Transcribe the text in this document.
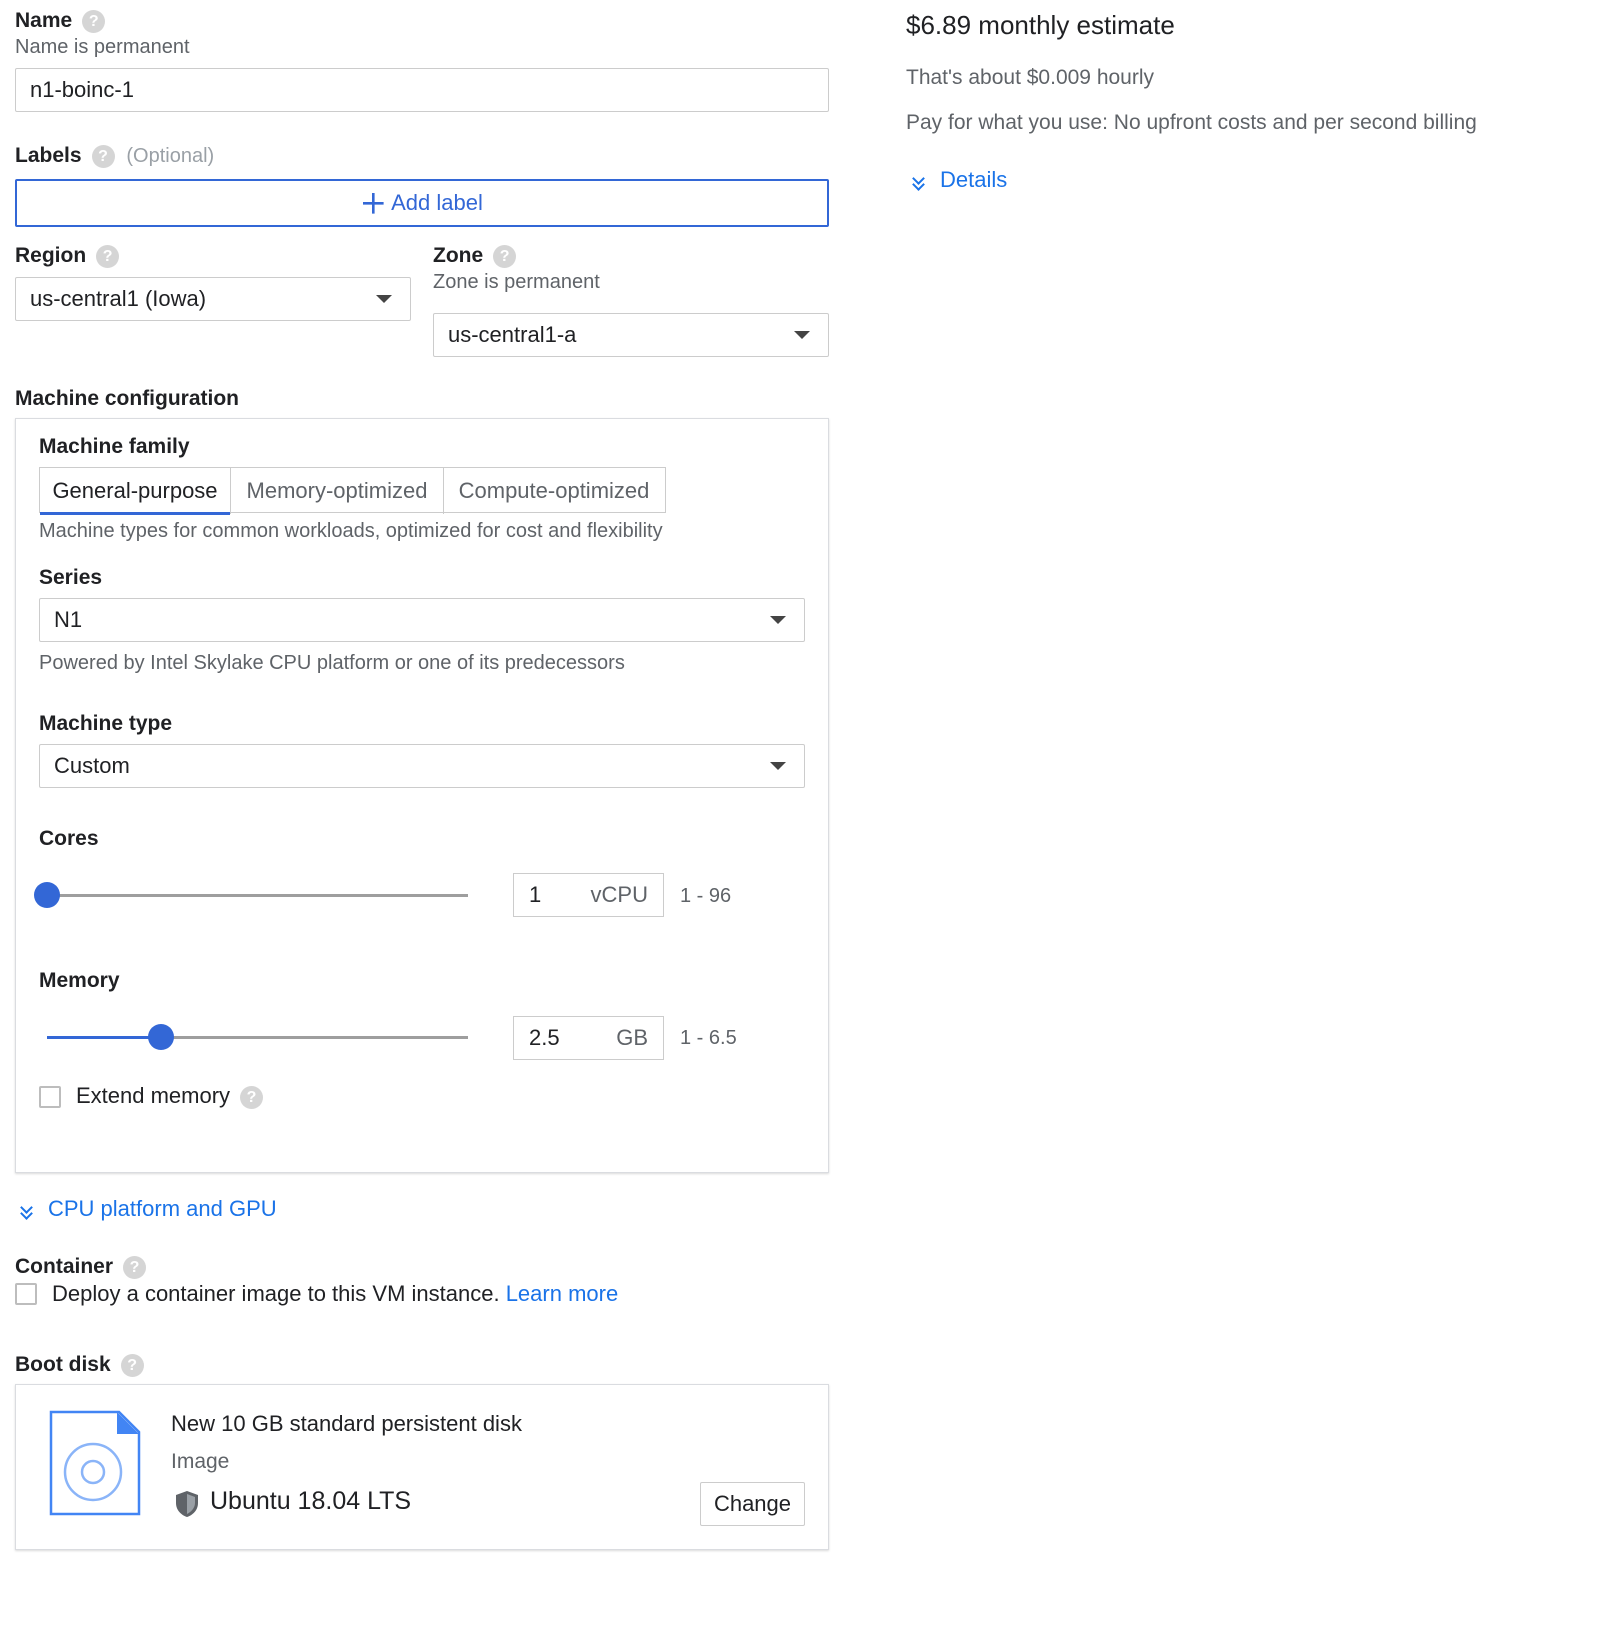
Name ?
Name is permanent
n1-boinc-1
Labels ? (Optional)
Add label
Region ?
us-central1 (Iowa)
Zone ?
Zone is permanent
us-central1-a
Machine configuration
Machine family
General-purpose Memory-optimized Compute-optimized
Machine types for common workloads, optimized for cost and flexibility
Series
N1
Powered by Intel Skylake CPU platform or one of its predecessors
Machine type
Custom
Cores
1 vCPU 1 - 96
Memory
2.5	GB 1 - 6.5
Extend memory ?
CPU platform and GPU
Container ?
Deploy a container image to this VM instance. Learn more
Boot disk ?
New 10 GB standard persistent disk
Image
Ubuntu 18.04 LTS	Change
$6.89 monthly estimate
That's about $0.009 hourly
Pay for what you use: No upfront costs and per second billing
Details
